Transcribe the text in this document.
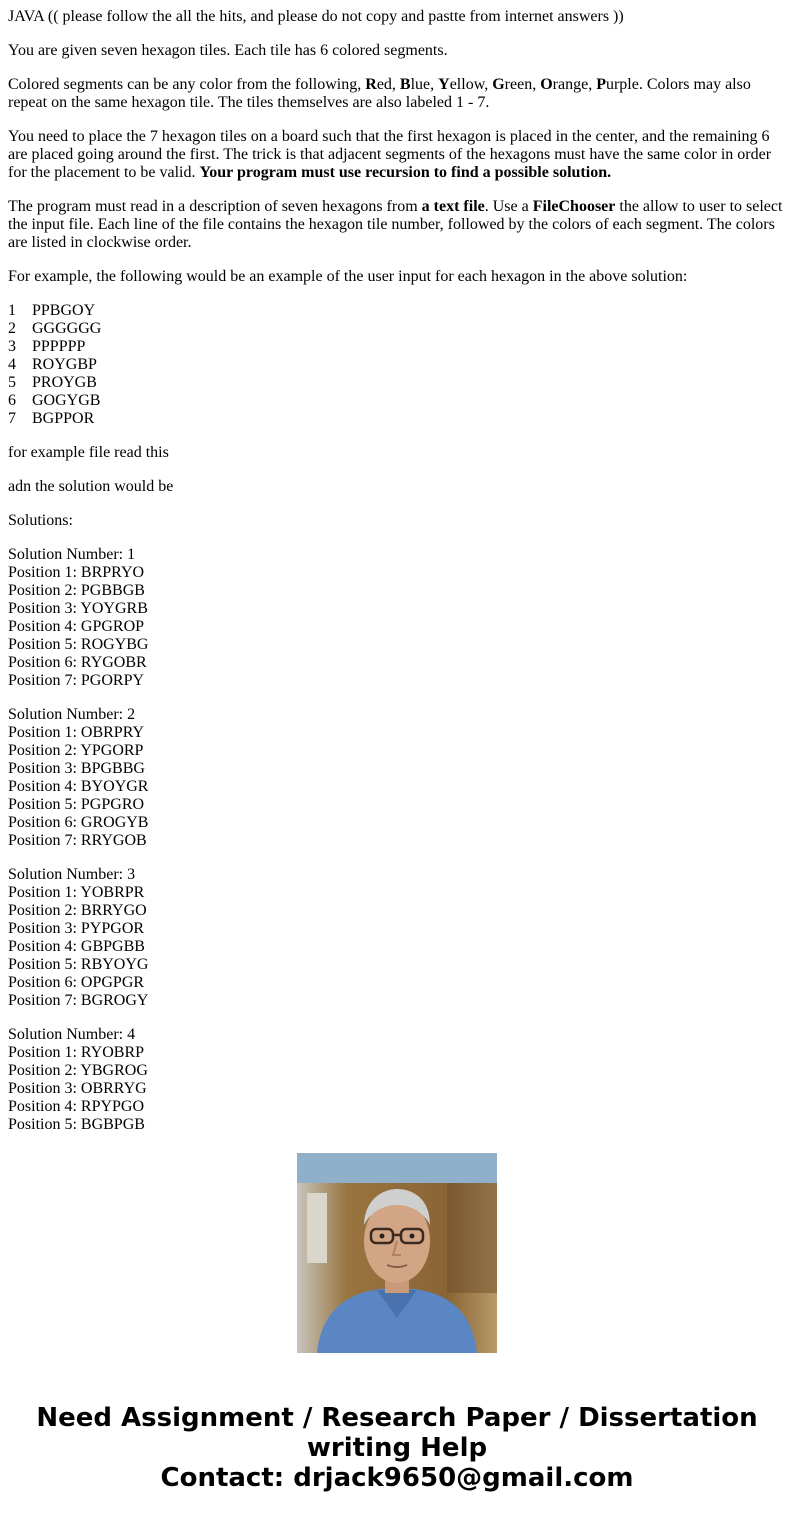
JAVA (( please follow the all the hits, and please do not copy and pastte from internet answers ))

You are given seven hexagon tiles. Each tile has 6 colored segments.

Colored segments can be any color from the following, Red, Blue, Yellow, Green, Orange, Purple. Colors may also repeat on the same hexagon tile. The tiles themselves are also labeled 1 - 7.

You need to place the 7 hexagon tiles on a board such that the first hexagon is placed in the center, and the remaining 6 are placed going around the first. The trick is that adjacent segments of the hexagons must have the same color in order for the placement to be valid. Your program must use recursion to find a possible solution.

The program must read in a description of seven hexagons from a text file. Use a FileChooser the allow to user to select the input file. Each line of the file contains the hexagon tile number, followed by the colors of each segment. The colors are listed in clockwise order.

For example, the following would be an example of the user input for each hexagon in the above solution:

1 PPBGOY
2 GGGGGG
3 PPPPPP
4 ROYGBP
5 PROYGB
6 GOGYGB
7 BGPPOR

for example file read this

adn the solution would be

Solutions:

Solution Number: 1
Position 1: BRPRYO
Position 2: PGBBGB
Position 3: YOYGRB
Position 4: GPGROP
Position 5: ROGYBG
Position 6: RYGOBR
Position 7: PGORPY
Solution Number: 2
Position 1: OBRPRY
Position 2: YPGORP
Position 3: BPGBBG
Position 4: BYOYGR
Position 5: PGPGRO
Position 6: GROGYB
Position 7: RRYGOB
Solution Number: 3
Position 1: YOBRPR
Position 2: BRRYGO
Position 3: PYPGOR
Position 4: GBPGBB
Position 5: RBYOYG
Position 6: OPGPGR
Position 7: BGROGY
Solution Number: 4
Position 1: RYOBRP
Position 2: YBGROG
Position 3: OBRRYG
Position 4: RPYPGO
Position 5: BGBPGB
Need Assignment / Research Paper / Dissertation
writing Help
Contact: drjack9650@gmail.com
